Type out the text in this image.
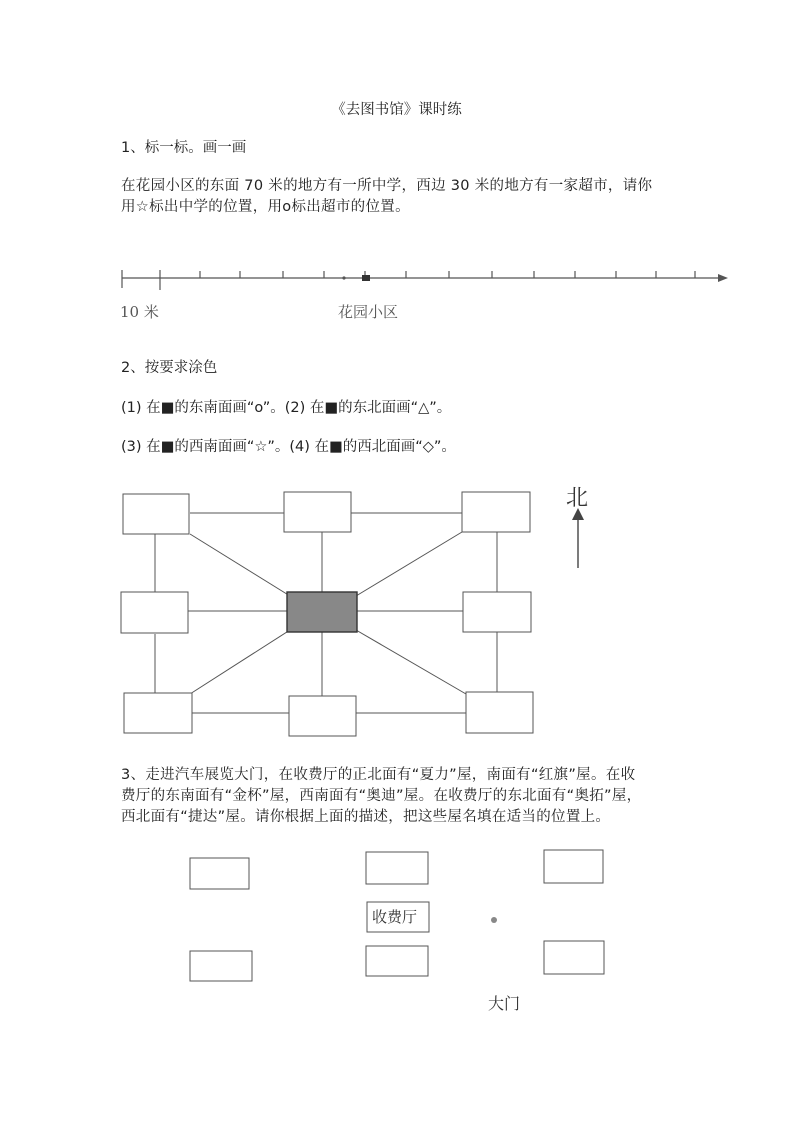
《去图书馆》课时练
1、标一标。画一画
在花园小区的东面 70 米的地方有一所中学，西边 30 米的地方有一家超市，请你
用☆标出中学的位置，用o标出超市的位置。
10 米	花园小区
2、按要求涂色
(1) 在■的东南面画“o”。(2) 在■的东北面画“△”。
(3) 在■的西南面画“☆”。(4) 在■的西北面画“◇”。
北
3、走进汽车展览大门，在收费厅的正北面有“夏力”屋，南面有“红旗”屋。在收
费厅的东南面有“金杯”屋，西南面有“奥迪”屋。在收费厅的东北面有“奥拓”屋，
西北面有“捷达”屋。请你根据上面的描述，把这些屋名填在适当的位置上。
收费厅
大门
